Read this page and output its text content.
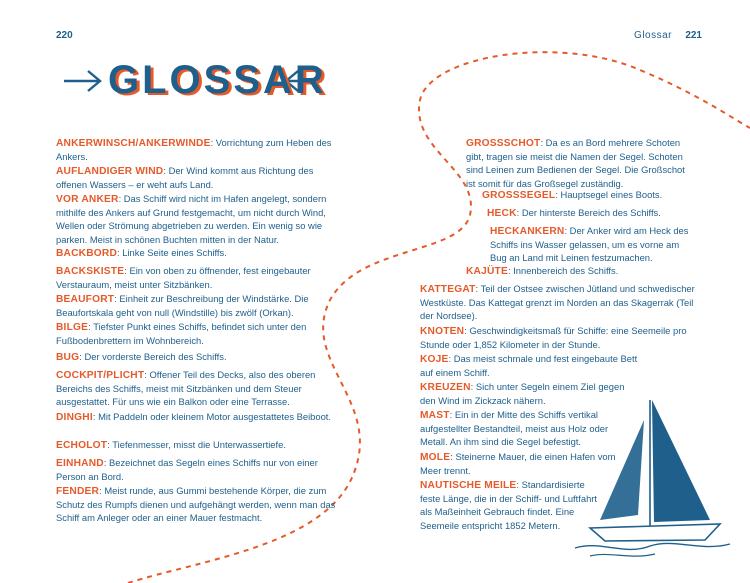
220	Glossar 221
GLOSSAR
ANKERWINSCH/ANKERWINDE: Vorrichtung zum Heben des Ankers.
AUFLANDIGER WIND: Der Wind kommt aus Richtung des offenen Wassers – er weht aufs Land.
VOR ANKER: Das Schiff wird nicht im Hafen angelegt, sondern mithilfe des Ankers auf Grund festgemacht, um nicht durch Wind, Wellen oder Strömung abgetrieben zu werden. Ein wenig so wie parken. Meist in schönen Buchten mitten in der Natur.
BACKBORD: Linke Seite eines Schiffs.
BACKSKISTE: Ein von oben zu öffnender, fest eingebauter Verstauraum, meist unter Sitzbänken.
BEAUFORT: Einheit zur Beschreibung der Windstärke. Die Beaufortskala geht von null (Windstille) bis zwölf (Orkan).
BILGE: Tiefster Punkt eines Schiffs, befindet sich unter den Fußbodenbrettern im Wohnbereich.
BUG: Der vorderste Bereich des Schiffs.
COCKPIT/PLICHT: Offener Teil des Decks, also des oberen Bereichs des Schiffs, meist mit Sitzbänken und dem Steuer ausgestattet. Für uns wie ein Balkon oder eine Terrasse.
DINGHI: Mit Paddeln oder kleinem Motor ausgestattetes Beiboot.
ECHOLOT: Tiefenmesser, misst die Unterwassertiefe.
EINHAND: Bezeichnet das Segeln eines Schiffs nur von einer Person an Bord.
FENDER: Meist runde, aus Gummi bestehende Körper, die zum Schutz des Rumpfs dienen und aufgehängt werden, wenn man das Schiff am Anleger oder an einer Mauer festmacht.
GROSSSCHOT: Da es an Bord mehrere Schoten gibt, tragen sie meist die Namen der Segel. Schoten sind Leinen zum Bedienen der Segel. Die Großschot ist somit für das Großsegel zuständig.
GROSSSEGEL: Hauptsegel eines Boots.
HECK: Der hinterste Bereich des Schiffs.
HECKANKERN: Der Anker wird am Heck des Schiffs ins Wasser gelassen, um es vorne am Bug an Land mit Leinen festzumachen.
KAJÜTE: Innenbereich des Schiffs.
KATTEGAT: Teil der Ostsee zwischen Jütland und schwedischer Westküste. Das Kattegat grenzt im Norden an das Skagerrak (Teil der Nordsee).
KNOTEN: Geschwindigkeitsmaß für Schiffe: eine Seemeile pro Stunde oder 1,852 Kilometer in der Stunde.
KOJE: Das meist schmale und fest eingebaute Bett auf einem Schiff.
KREUZEN: Sich unter Segeln einem Ziel gegen den Wind im Zickzack nähern.
MAST: Ein in der Mitte des Schiffs vertikal aufgestellter Bestandteil, meist aus Holz oder Metall. An ihm sind die Segel befestigt.
MOLE: Steinerne Mauer, die einen Hafen vom Meer trennt.
NAUTISCHE MEILE: Standardisierte feste Länge, die in der Schiff- und Luftfahrt als Maßeinheit Gebrauch findet. Eine Seemeile entspricht 1852 Metern.
